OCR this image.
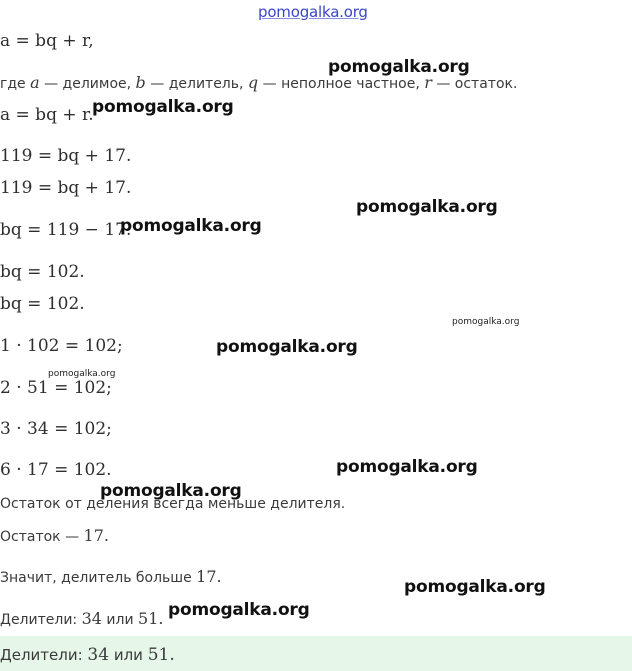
pomogalka.org
a = bq + r,
где a — делимое, b — делитель, q — неполное частное, r — остаток.
a = bq + r.
119 = bq + 17.
119 = bq + 17.
bq = 119 − 17.
bq = 102.
bq = 102.
1 · 102 = 102;
2 · 51 = 102;
3 · 34 = 102;
6 · 17 = 102.
Остаток от деления всегда меньше делителя.
Остаток — 17.
Значит, делитель больше 17.
Делители: 34 или 51.
Делители: 34 или 51.
pomogalka.org
pomogalka.org
pomogalka.org
pomogalka.org
pomogalka.org
pomogalka.org
pomogalka.org
pomogalka.org
pomogalka.org
pomogalka.org
pomogalka.org
